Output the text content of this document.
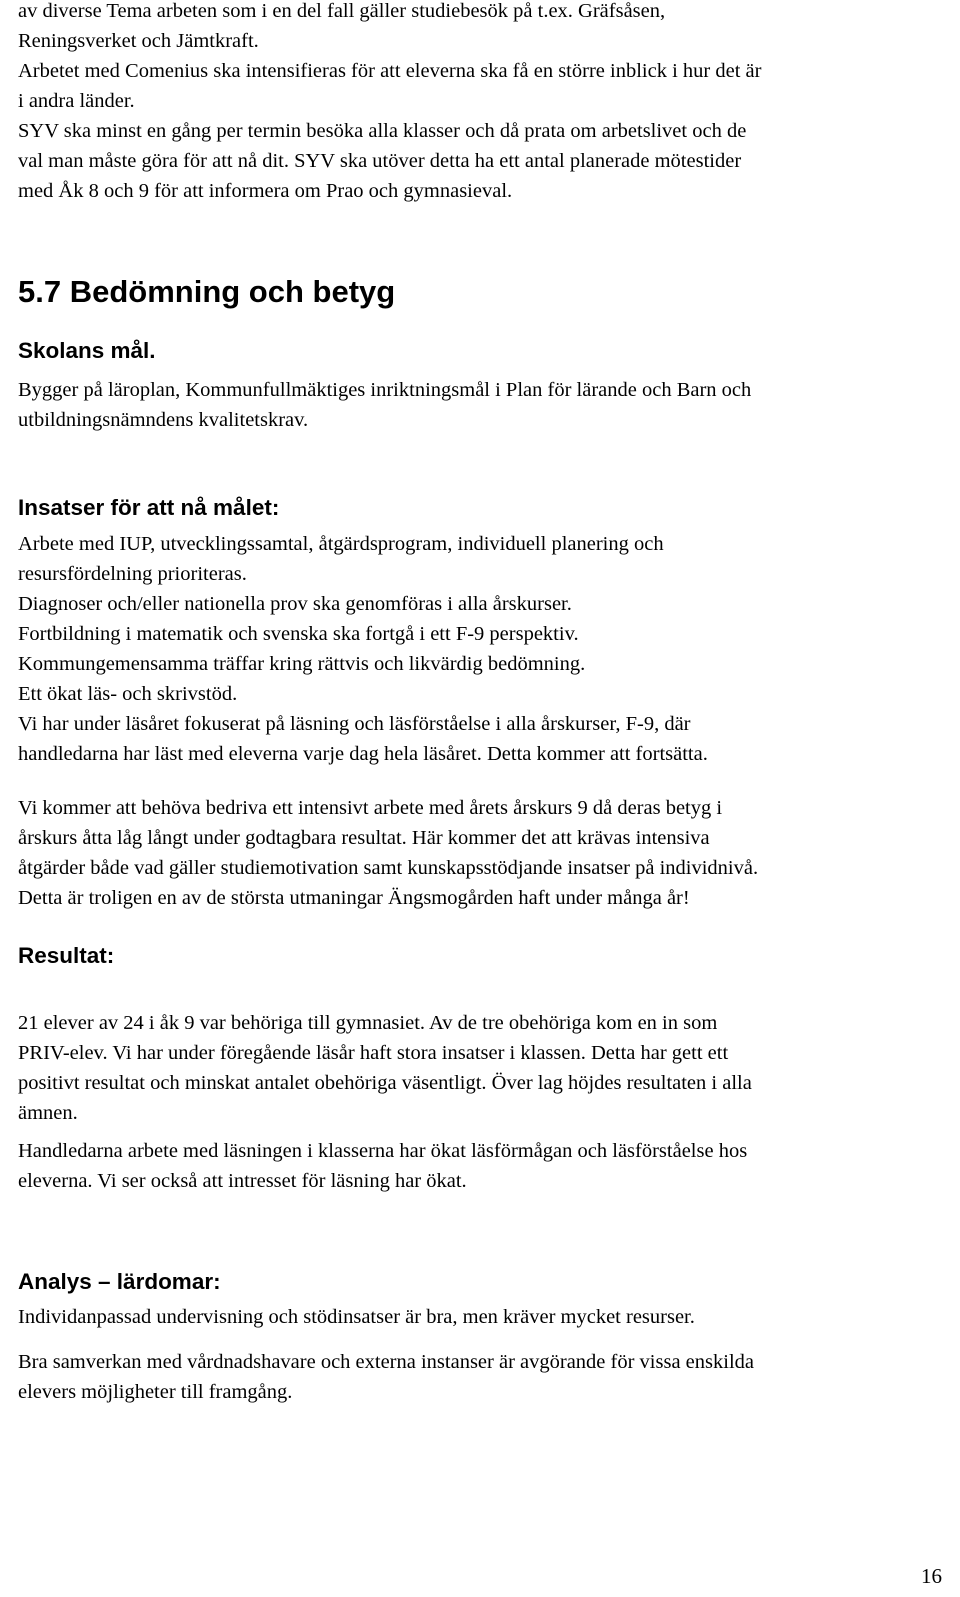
av diverse Tema arbeten som i en del fall gäller studiebesök på t.ex. Gräfsåsen,

Reningsverket och Jämtkraft.

Arbetet med Comenius ska intensifieras för att eleverna ska få en större inblick i hur det är

i andra länder.

SYV ska minst en gång per termin besöka alla klasser och då prata om arbetslivet och de

val man måste göra för att nå dit. SYV ska utöver detta ha ett antal planerade mötestider

med Åk 8 och 9 för att informera om Prao och gymnasieval.

5.7 Bedömning och betyg
Skolans mål.

Bygger på läroplan, Kommunfullmäktiges inriktningsmål i Plan för lärande och Barn och

utbildningsnämndens kvalitetskrav.

Insatser för att nå målet:

Arbete med IUP, utvecklingssamtal, åtgärdsprogram, individuell planering och

resursfördelning prioriteras.

Diagnoser och/eller nationella prov ska genomföras i alla årskurser.

Fortbildning i matematik och svenska ska fortgå i ett F-9 perspektiv.

Kommungemensamma träffar kring rättvis och likvärdig bedömning.

Ett ökat läs- och skrivstöd.

Vi har under läsåret fokuserat på läsning och läsförståelse i alla årskurser, F-9, där

handledarna har läst med eleverna varje dag hela läsåret. Detta kommer att fortsätta.

Vi kommer att behöva bedriva ett intensivt arbete med årets årskurs 9 då deras betyg i

årskurs åtta låg långt under godtagbara resultat. Här kommer det att krävas intensiva

åtgärder både vad gäller studiemotivation samt kunskapsstödjande insatser på individnivå.

Detta är troligen en av de största utmaningar Ängsmogården haft under många år!

Resultat:

21 elever av 24 i åk 9 var behöriga till gymnasiet. Av de tre obehöriga kom en in som

PRIV-elev. Vi har under föregående läsår haft stora insatser i klassen. Detta har gett ett

positivt resultat och minskat antalet obehöriga väsentligt. Över lag höjdes resultaten i alla

ämnen.

Handledarna arbete med läsningen i klasserna har ökat läsförmågan och läsförståelse hos

eleverna. Vi ser också att intresset för läsning har ökat.

Analys – lärdomar:

Individanpassad undervisning och stödinsatser är bra, men kräver mycket resurser.

Bra samverkan med vårdnadshavare och externa instanser är avgörande för vissa enskilda

elevers möjligheter till framgång.

16
